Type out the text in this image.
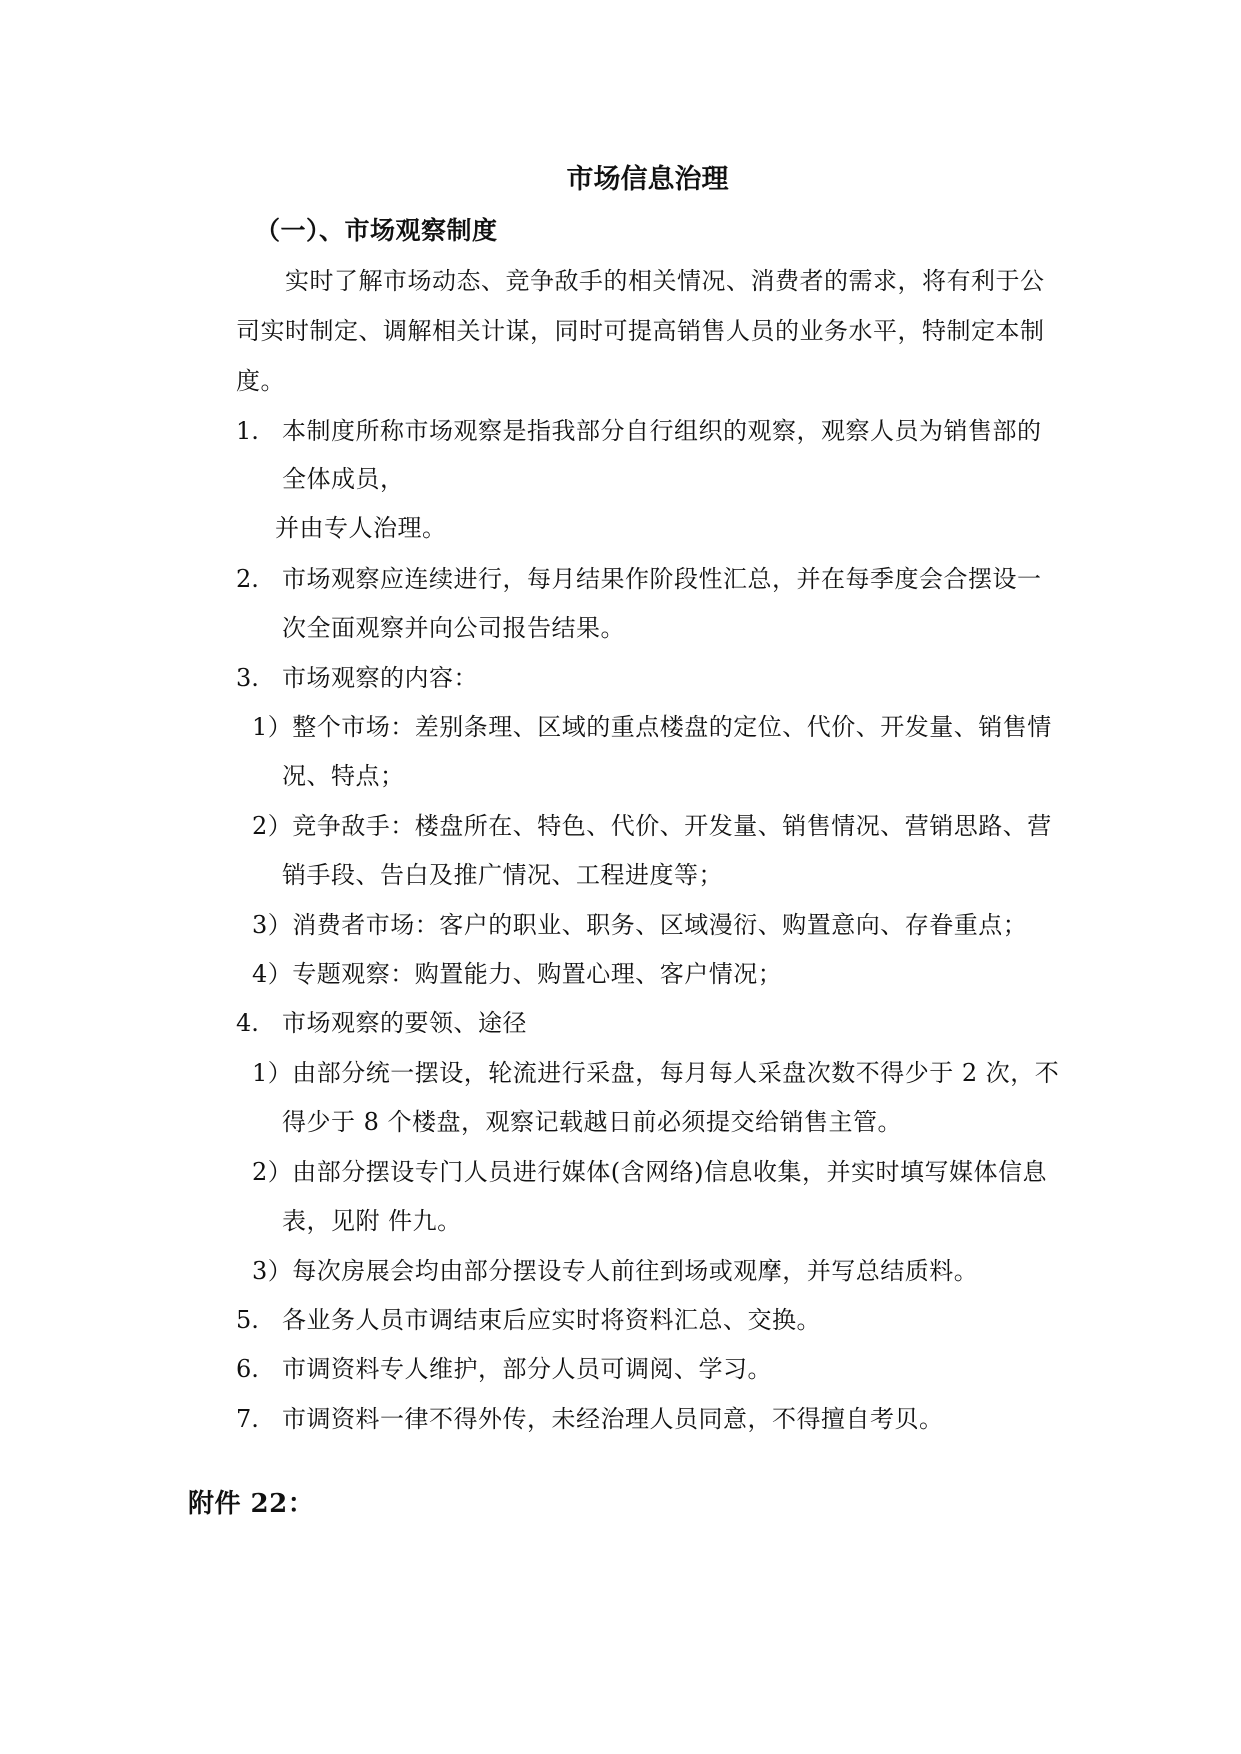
市场信息治理
（一）、市场观察制度
实时了解市场动态、竞争敌手的相关情况、消费者的需求，将有利于公
司实时制定、调解相关计谋，同时可提高销售人员的业务水平，特制定本制
度。
1. 本制度所称市场观察是指我部分自行组织的观察，观察人员为销售部的
全体成员，
并由专人治理。
2. 市场观察应连续进行，每月结果作阶段性汇总，并在每季度会合摆设一
次全面观察并向公司报告结果。
3. 市场观察的内容：
1）整个市场：差别条理、区域的重点楼盘的定位、代价、开发量、销售情
况、特点；
2）竞争敌手：楼盘所在、特色、代价、开发量、销售情况、营销思路、营
销手段、告白及推广情况、工程进度等；
3）消费者市场：客户的职业、职务、区域漫衍、购置意向、存眷重点；
4）专题观察：购置能力、购置心理、客户情况；
4. 市场观察的要领、途径
1）由部分统一摆设，轮流进行采盘，每月每人采盘次数不得少于 2 次，不
得少于 8 个楼盘，观察记载越日前必须提交给销售主管。
2）由部分摆设专门人员进行媒体(含网络)信息收集，并实时填写媒体信息
表，见附 件九。
3）每次房展会均由部分摆设专人前往到场或观摩，并写总结质料。
5. 各业务人员市调结束后应实时将资料汇总、交换。
6. 市调资料专人维护，部分人员可调阅、学习。
7. 市调资料一律不得外传，未经治理人员同意，不得擅自考贝。
附件 22：
